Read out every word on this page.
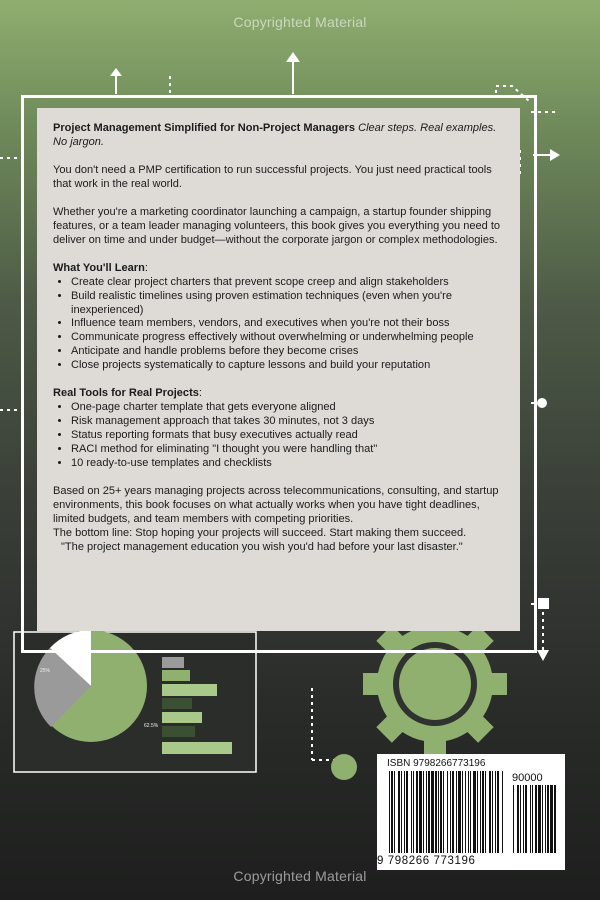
Copyrighted Material
25%
62.5%

Project Management Simplified for Non-Project Managers Clear steps. Real examples. No jargon.

You don't need a PMP certification to run successful projects. You just need practical tools that work in the real world.

Whether you're a marketing coordinator launching a campaign, a startup founder shipping features, or a team leader managing volunteers, this book gives you everything you need to deliver on time and under budget—without the corporate jargon or complex methodologies.

What You'll Learn:
• Create clear project charters that prevent scope creep and align stakeholders
• Build realistic timelines using proven estimation techniques (even when you're inexperienced)
• Influence team members, vendors, and executives when you're not their boss
• Communicate progress effectively without overwhelming or underwhelming people
• Anticipate and handle problems before they become crises
• Close projects systematically to capture lessons and build your reputation
Real Tools for Real Projects:
• One-page charter template that gets everyone aligned
• Risk management approach that takes 30 minutes, not 3 days
• Status reporting formats that busy executives actually read
• RACI method for eliminating "I thought you were handling that"
• 10 ready-to-use templates and checklists

Based on 25+ years managing projects across telecommunications, consulting, and startup environments, this book focuses on what actually works when you have tight deadlines, limited budgets, and team members with competing priorities.

The bottom line: Stop hoping your projects will succeed. Start making them succeed.

"The project management education you wish you'd had before your last disaster."

ISBN 9798266773196
90000
9 798266 773196
Copyrighted Material
